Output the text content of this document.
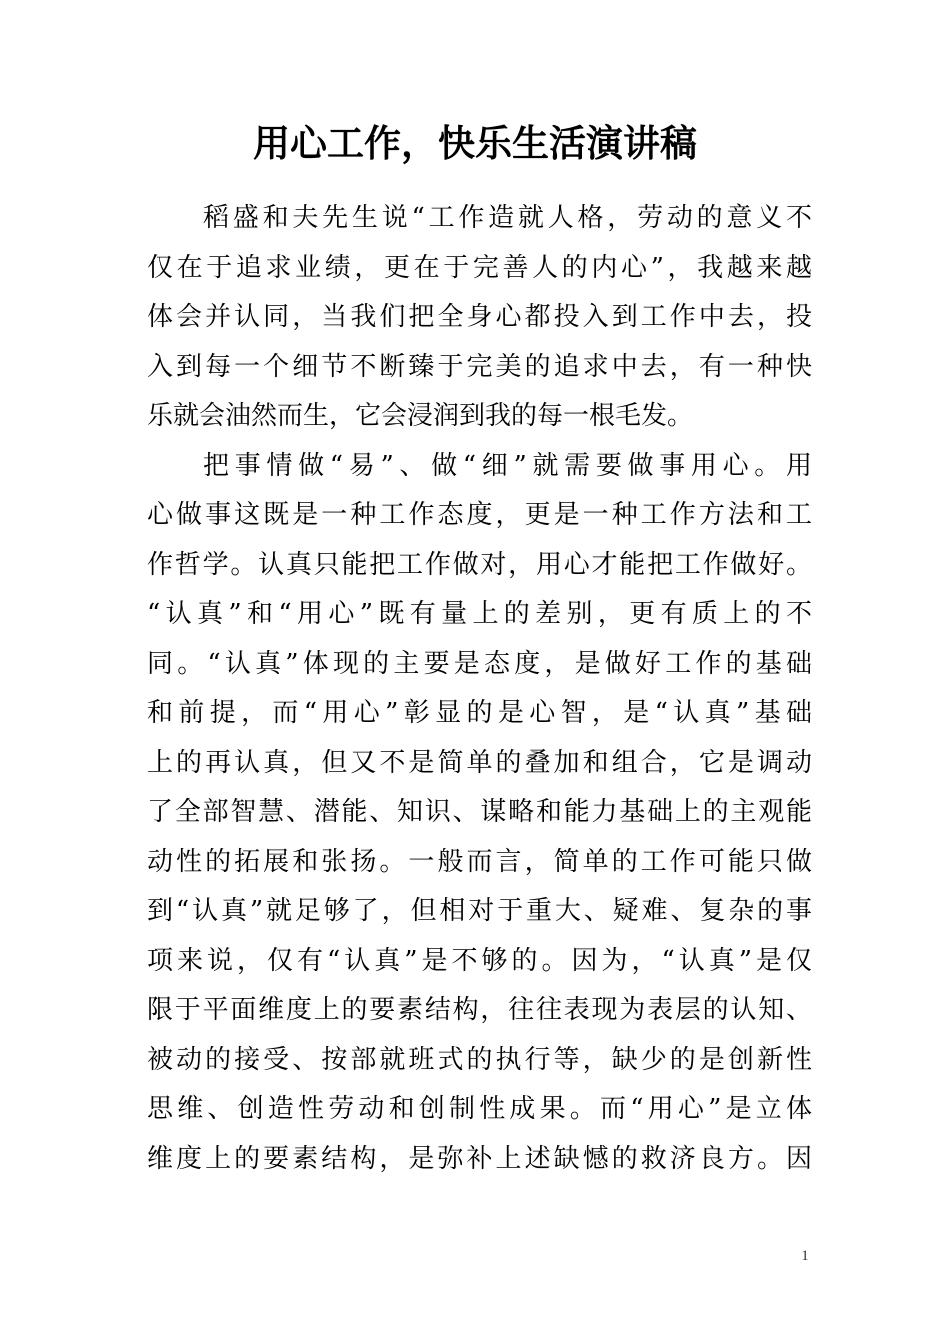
用心工作，快乐生活演讲稿
稻盛和夫先生说“工作造就人格，劳动的意义不
仅在于追求业绩，更在于完善人的内心”，我越来越
体会并认同，当我们把全身心都投入到工作中去，投
入到每一个细节不断臻于完美的追求中去，有一种快
乐就会油然而生，它会浸润到我的每一根毛发。
把事情做“易”、做“细”就需要做事用心。用
心做事这既是一种工作态度，更是一种工作方法和工
作哲学。认真只能把工作做对，用心才能把工作做好。
“认真”和“用心”既有量上的差别，更有质上的不
同。“认真”体现的主要是态度，是做好工作的基础
和前提，而“用心”彰显的是心智，是“认真”基础
上的再认真，但又不是简单的叠加和组合，它是调动
了全部智慧、潜能、知识、谋略和能力基础上的主观能
动性的拓展和张扬。一般而言，简单的工作可能只做
到“认真”就足够了，但相对于重大、疑难、复杂的事
项来说，仅有“认真”是不够的。因为，“认真”是仅
限于平面维度上的要素结构，往往表现为表层的认知、
被动的接受、按部就班式的执行等，缺少的是创新性
思维、创造性劳动和创制性成果。而“用心”是立体
维度上的要素结构，是弥补上述缺憾的救济良方。因
1
